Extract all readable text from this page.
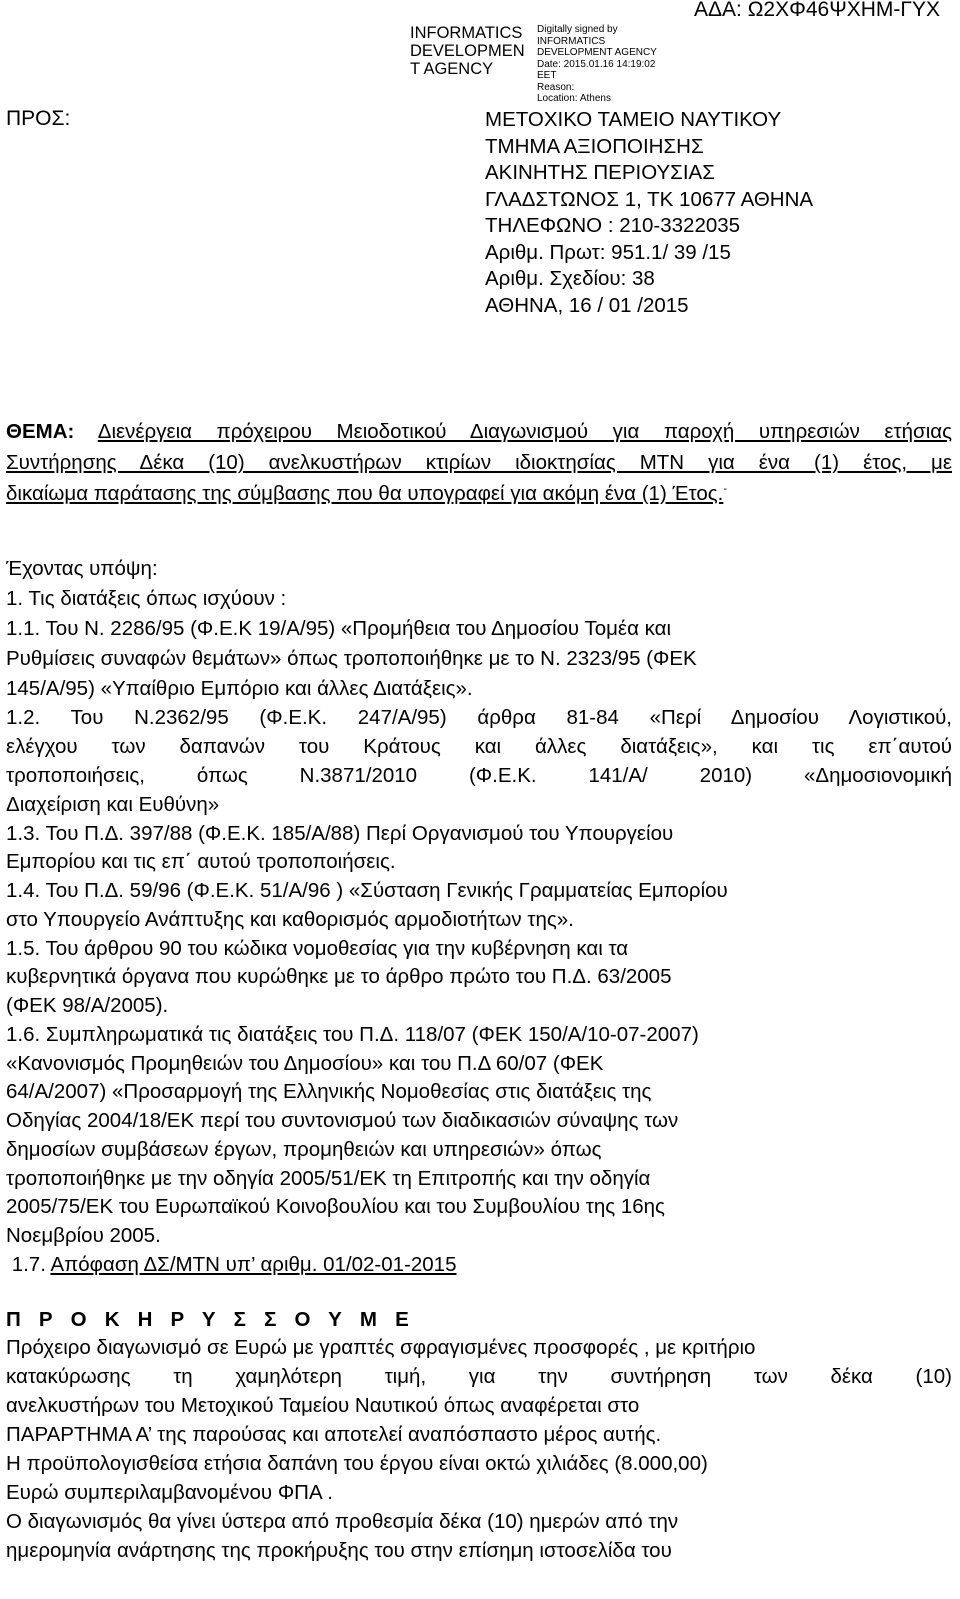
ΑΔΑ: Ω2ΧΦ46ΨΧΗΜ-ΓΥΧ
INFORMATICS
DEVELOPMEN
T AGENCY
Digitally signed by
INFORMATICS
DEVELOPMENT AGENCY
Date: 2015.01.16 14:19:02
EET
Reason:
Location: Athens
ΠΡΟΣ:	ΜΕΤΟΧΙΚΟ ΤΑΜΕΙΟ ΝΑΥΤΙΚΟΥ
ΤΜΗΜΑ ΑΞΙΟΠΟΙΗΣΗΣ
ΑΚΙΝΗΤΗΣ ΠΕΡΙΟΥΣΙΑΣ
ΓΛΑΔΣΤΩΝΟΣ 1, ΤΚ 10677 ΑΘΗΝΑ
ΤΗΛΕΦΩΝΟ : 210-3322035
Αριθμ. Πρωτ: 951.1/ 39 /15
Αριθμ. Σχεδίου: 38
ΑΘΗΝΑ, 16 / 01 /2015
ΘΕΜΑ: Διενέργεια πρόχειρου Μειοδοτικού Διαγωνισμού για παροχή υπηρεσιών ετήσιας
Συντήρησης Δέκα (10) ανελκυστήρων κτιρίων ιδιοκτησίας ΜΤΝ για ένα (1) έτος, με
δικαίωμα παράτασης της σύμβασης που θα υπογραφεί για ακόμη ένα (1) Έτος.-
Έχοντας υπόψη:
1. Τις διατάξεις όπως ισχύουν :
1.1. Του Ν. 2286/95 (Φ.Ε.Κ 19/Α/95) «Προμήθεια του Δημοσίου Τομέα και
Ρυθμίσεις συναφών θεμάτων» όπως τροποποιήθηκε με το Ν. 2323/95 (ΦΕΚ
145/Α/95) «Υπαίθριο Εμπόριο και άλλες Διατάξεις».
1.2. Του Ν.2362/95 (Φ.Ε.Κ. 247/Α/95) άρθρα 81-84 «Περί Δημοσίου Λογιστικού,
ελέγχου των δαπανών του Κράτους και άλλες διατάξεις», και τις επ΄αυτού
τροποποιήσεις, όπως Ν.3871/2010 (Φ.Ε.Κ. 141/Α/ 2010) «Δημοσιονομική
Διαχείριση και Ευθύνη»
1.3. Του Π.Δ. 397/88 (Φ.Ε.Κ. 185/Α/88) Περί Οργανισμού του Υπουργείου
Εμπορίου και τις επ΄ αυτού τροποποιήσεις.
1.4. Του Π.Δ. 59/96 (Φ.Ε.Κ. 51/Α/96 ) «Σύσταση Γενικής Γραμματείας Εμπορίου
στο Υπουργείο Ανάπτυξης και καθορισμός αρμοδιοτήτων της».
1.5. Του άρθρου 90 του κώδικα νομοθεσίας για την κυβέρνηση και τα
κυβερνητικά όργανα που κυρώθηκε με το άρθρο πρώτο του Π.Δ. 63/2005
(ΦΕΚ 98/Α/2005).
1.6. Συμπληρωματικά τις διατάξεις του Π.Δ. 118/07 (ΦΕΚ 150/Α/10-07-2007)
«Κανονισμός Προμηθειών του Δημοσίου» και του Π.Δ 60/07 (ΦΕΚ
64/Α/2007) «Προσαρμογή της Ελληνικής Νομοθεσίας στις διατάξεις της
Οδηγίας 2004/18/ΕΚ περί του συντονισμού των διαδικασιών σύναψης των
δημοσίων συμβάσεων έργων, προμηθειών και υπηρεσιών» όπως
τροποποιήθηκε με την οδηγία 2005/51/ΕΚ τη Επιτροπής και την οδηγία
2005/75/ΕΚ του Ευρωπαϊκού Κοινοβουλίου και του Συμβουλίου της 16ης
Νοεμβρίου 2005.
1.7. Απόφαση ΔΣ/ΜΤΝ υπ’ αριθμ. 01/02-01-2015
Π Ρ Ο Κ Η Ρ Υ Σ Σ Ο Υ Μ Ε
Πρόχειρο διαγωνισμό σε Ευρώ με γραπτές σφραγισμένες προσφορές , με κριτήριο
κατακύρωσης τη χαμηλότερη τιμή, για την συντήρηση των δέκα (10)
ανελκυστήρων του Μετοχικού Ταμείου Ναυτικού όπως αναφέρεται στο
ΠΑΡΑΡΤΗΜΑ Α’ της παρούσας και αποτελεί αναπόσπαστο μέρος αυτής.
Η προϋπολογισθείσα ετήσια δαπάνη του έργου είναι οκτώ χιλιάδες (8.000,00)
Ευρώ συμπεριλαμβανομένου ΦΠΑ .
Ο διαγωνισμός θα γίνει ύστερα από προθεσμία δέκα (10) ημερών από την
ημερομηνία ανάρτησης της προκήρυξης του στην επίσημη ιστοσελίδα του
